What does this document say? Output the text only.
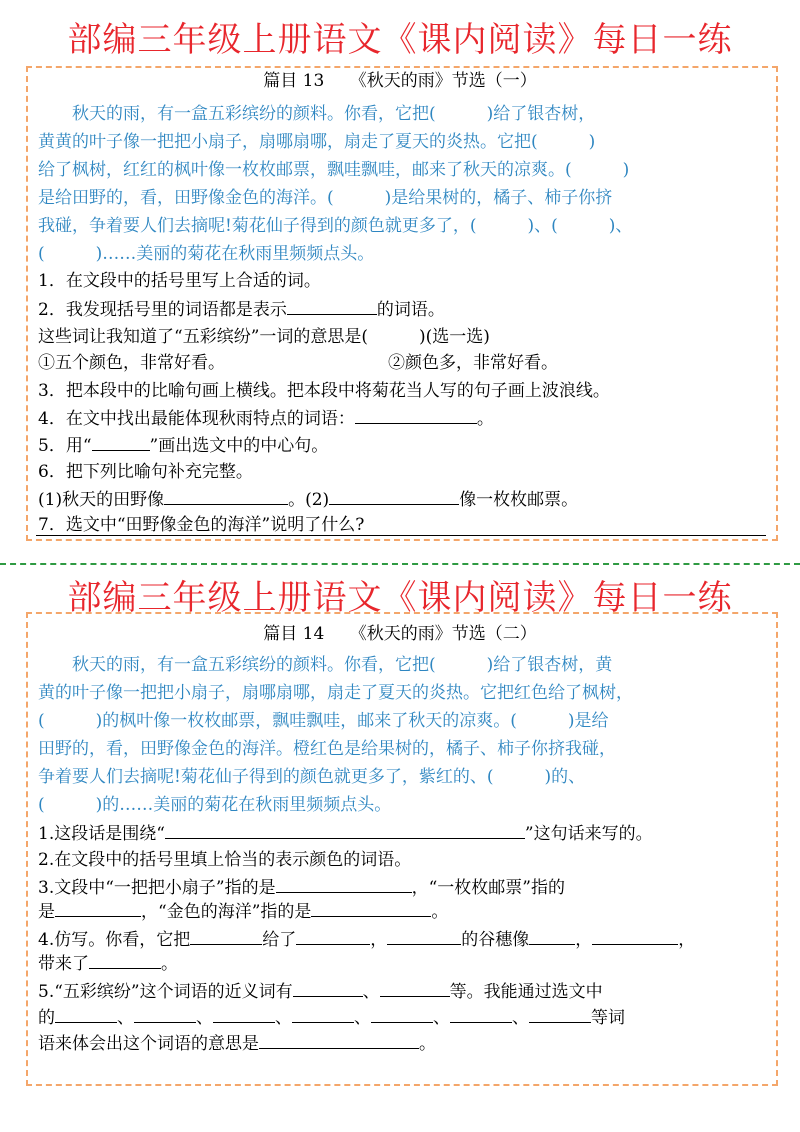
部编三年级上册语文《课内阅读》每日一练
篇目 13　　《秋天的雨》节选（一）
　　秋天的雨，有一盒五彩缤纷的颜料。你看，它把(　　　)给了银杏树，
黄黄的叶子像一把把小扇子，扇哪扇哪，扇走了夏天的炎热。它把(　　　)
给了枫树，红红的枫叶像一枚枚邮票，飘哇飘哇，邮来了秋天的凉爽。(　　　)
是给田野的，看，田野像金色的海洋。(　　　)是给果树的，橘子、柿子你挤
我碰，争着要人们去摘呢!菊花仙子得到的颜色就更多了，(　　　)、(　　　)、
(　　　)……美丽的菊花在秋雨里频频点头。
1．在文段中的括号里写上合适的词。
2．我发现括号里的词语都是表示	的词语。
这些词让我知道了“五彩缤纷”一词的意思是(　　　)(选一选)
①五个颜色，非常好看。	②颜色多，非常好看。
3．把本段中的比喻句画上横线。把本段中将菊花当人写的句子画上波浪线。
4．在文中找出最能体现秋雨特点的词语：	。
5．用“	”画出选文中的中心句。
6．把下列比喻句补充完整。
(1)秋天的田野像	。(2)	像一枚枚邮票。
7．选文中“田野像金色的海洋”说明了什么?
部编三年级上册语文《课内阅读》每日一练
篇目 14　　《秋天的雨》节选（二）
　　秋天的雨，有一盒五彩缤纷的颜料。你看，它把(　　　)给了银杏树，黄
黄的叶子像一把把小扇子，扇哪扇哪，扇走了夏天的炎热。它把红色给了枫树，
(　　　)的枫叶像一枚枚邮票，飘哇飘哇，邮来了秋天的凉爽。(　　　)是给
田野的，看，田野像金色的海洋。橙红色是给果树的，橘子、柿子你挤我碰，
争着要人们去摘呢!菊花仙子得到的颜色就更多了，紫红的、(　　　)的、
(　　　)的……美丽的菊花在秋雨里频频点头。
1.这段话是围绕“	”这句话来写的。
2.在文段中的括号里填上恰当的表示颜色的词语。
3.文段中“一把把小扇子”指的是	，“一枚枚邮票”指的
是	，“金色的海洋”指的是	。
4.仿写。你看，它把	给了	，	的谷穗像	，	，
带来了	。
5.“五彩缤纷”这个词语的近义词有	、	等。我能通过选文中
的	、	、	、	、	、	、	等词
语来体会出这个词语的意思是	。
